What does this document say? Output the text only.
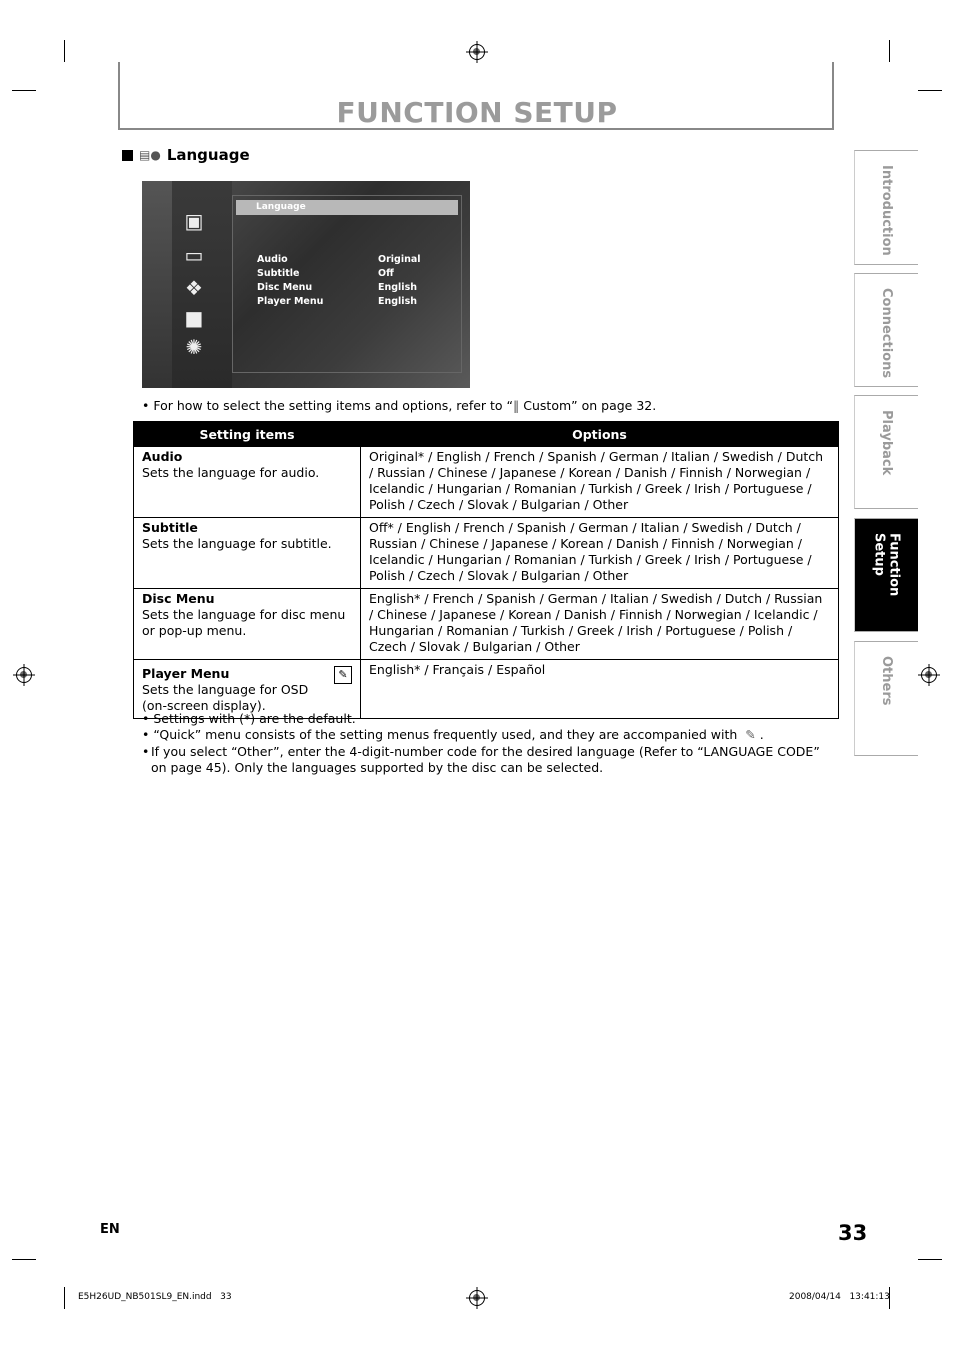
FUNCTION SETUP
▤● Language
▣
▭
❖
■
✺
Language
Audio	Original
Subtitle	Off
Disc Menu	English
Player Menu	English
• For how to select the setting items and options, refer to “‖ Custom” on page 32.
Setting items	Options

Audio
Sets the language for audio.	Original* / English / French / Spanish / German / Italian / Swedish / Dutch / Russian / Chinese / Japanese / Korean / Danish / Finnish / Norwegian / Icelandic / Hungarian / Romanian / Turkish / Greek / Irish / Portuguese / Polish / Czech / Slovak / Bulgarian / Other

Subtitle
Sets the language for subtitle.	Off* / English / French / Spanish / German / Italian / Swedish / Dutch / Russian / Chinese / Japanese / Korean / Danish / Finnish / Norwegian / Icelandic / Hungarian / Romanian / Turkish / Greek / Irish / Portuguese / Polish / Czech / Slovak / Bulgarian / Other

Disc Menu
Sets the language for disc menu or pop-up menu.	English* / French / Spanish / German / Italian / Swedish / Dutch / Russian / Chinese / Japanese / Korean / Danish / Finnish / Norwegian / Icelandic / Hungarian / Romanian / Turkish / Greek / Irish / Portuguese / Polish / Czech / Slovak / Bulgarian / Other

✎
Player Menu
Sets the language for OSD (on-screen display).	English* / Français / Español
• Settings with (*) are the default.
• “Quick” menu consists of the setting menus frequently used, and they are accompanied with ✎ .
• If you select “Other”, enter the 4-digit-number code for the desired language (Refer to “LANGUAGE CODE” on page 45). Only the languages supported by the disc can be selected.
Introduction
Connections
Playback
Function Setup
Others
EN	33
E5H26UD_NB501SL9_EN.indd   33	2008/04/14   13:41:13
